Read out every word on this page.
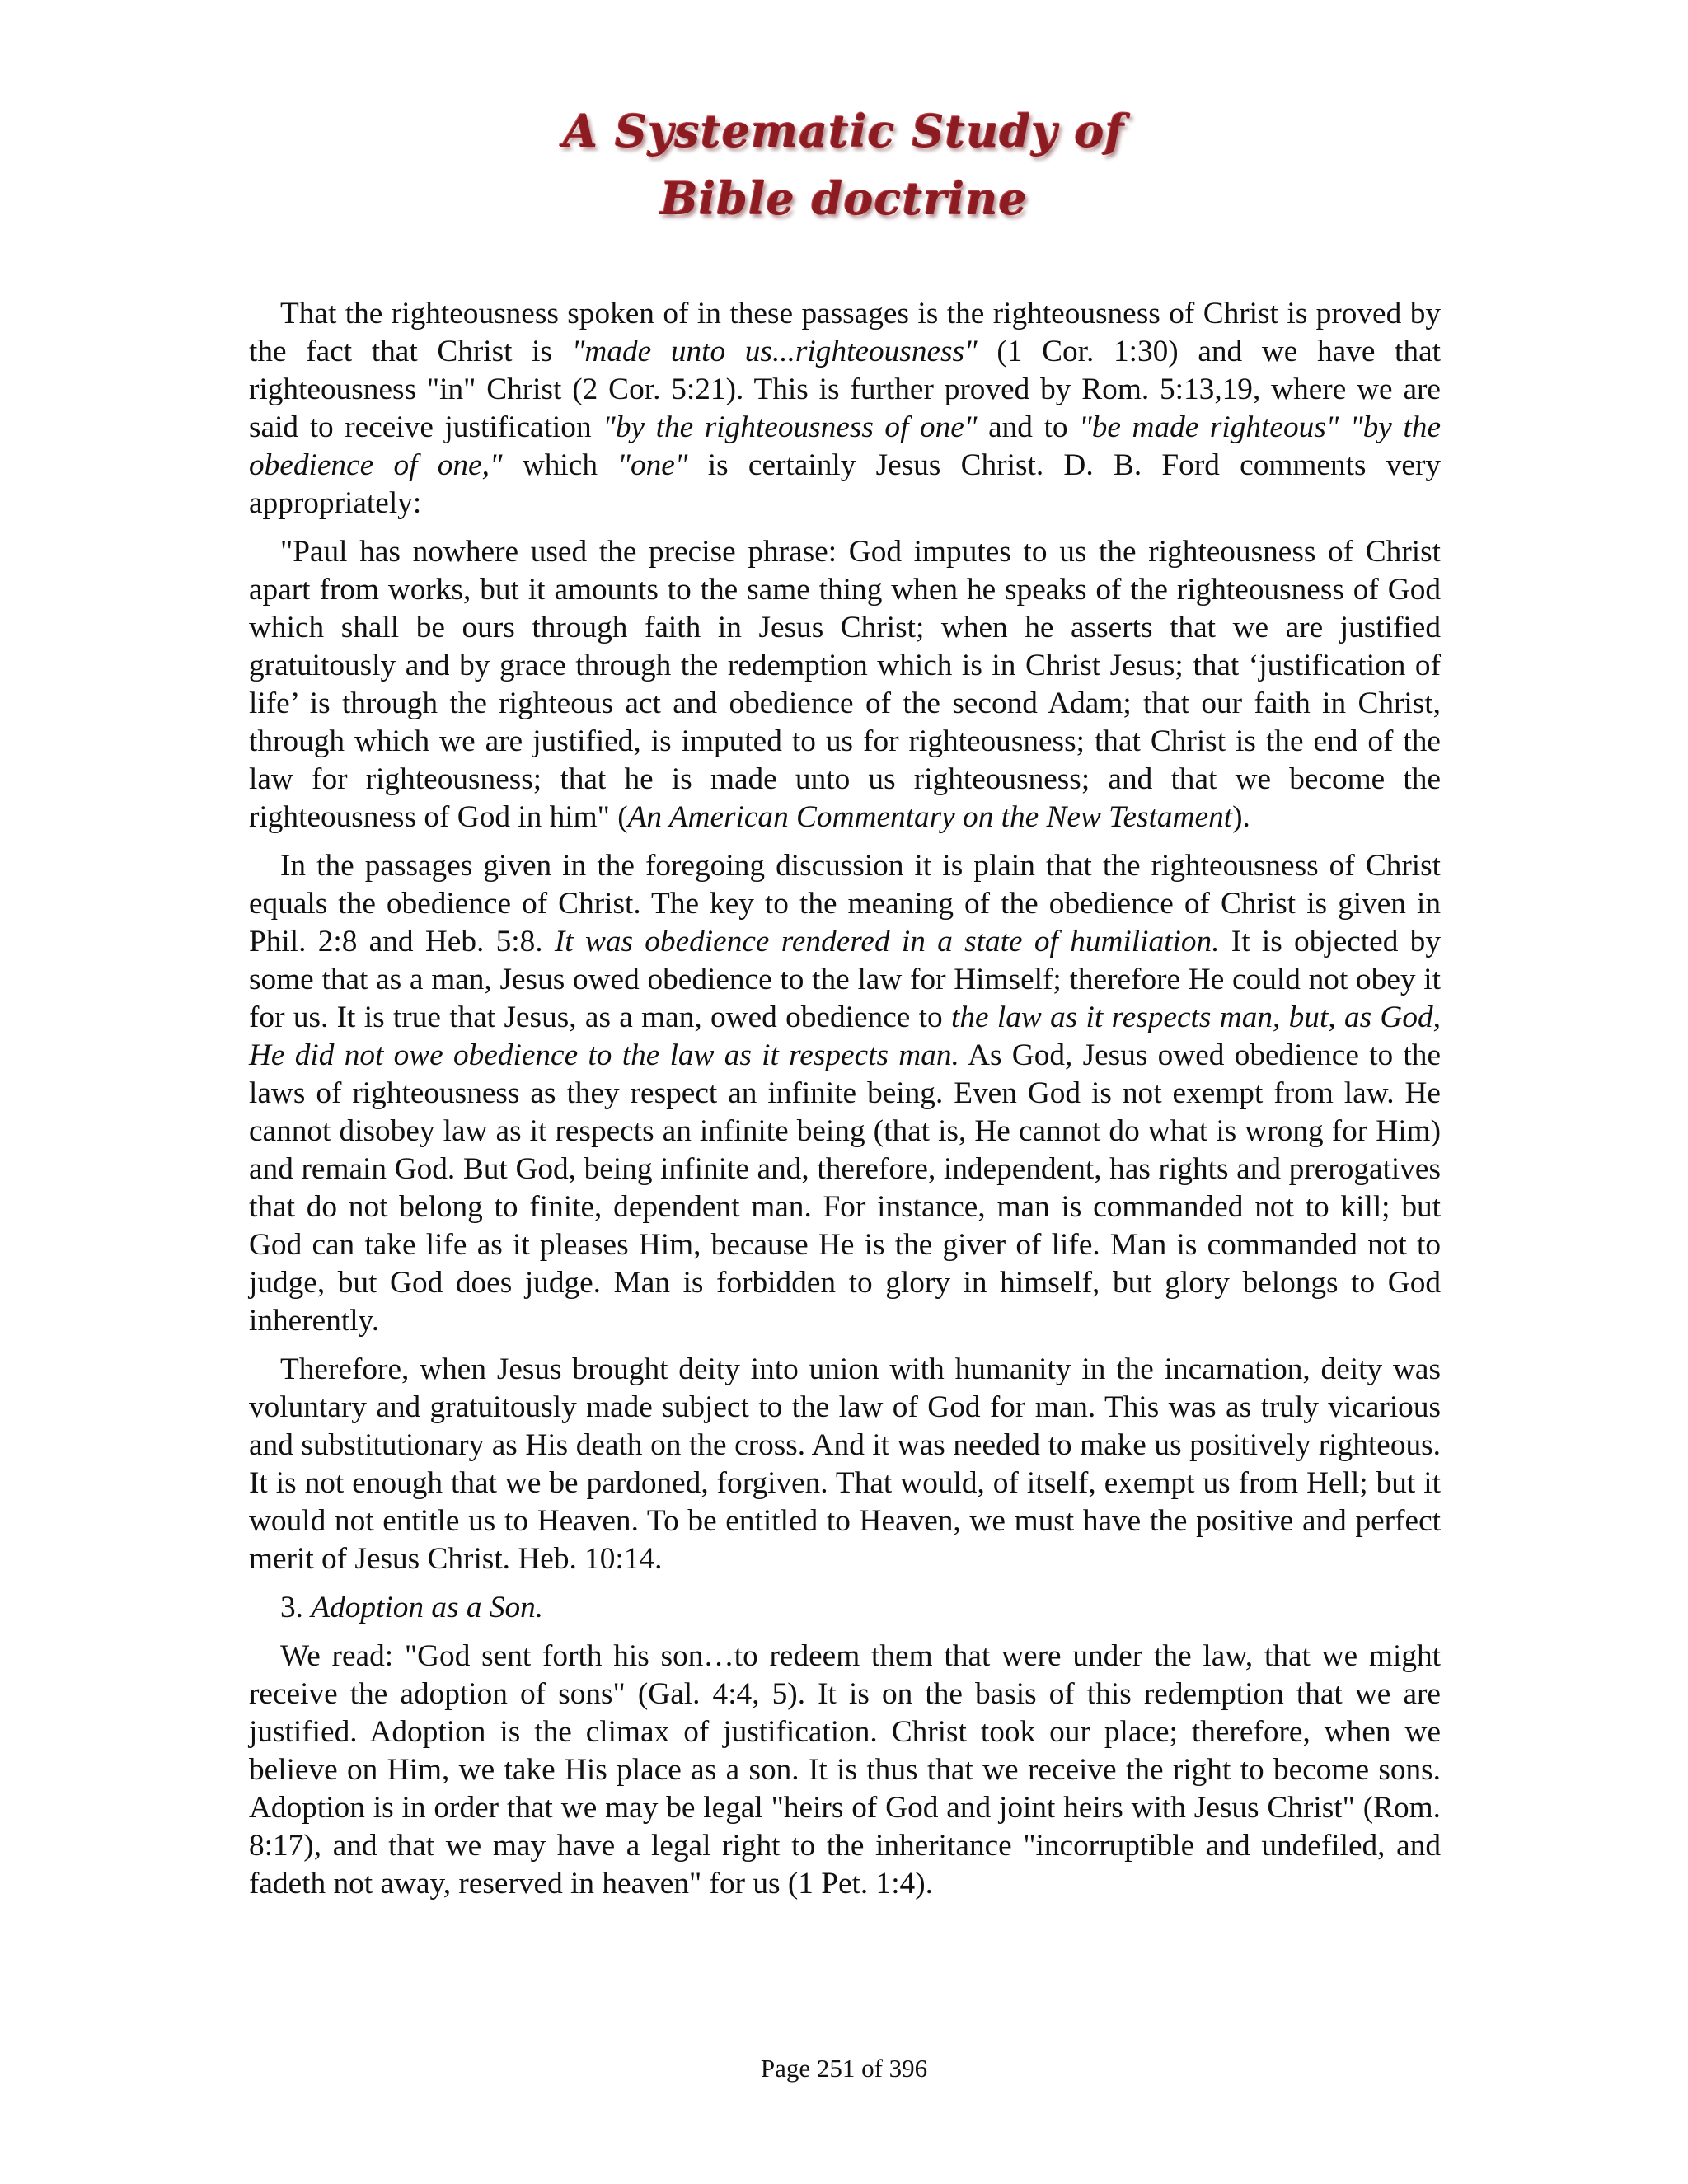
A Systematic Study of
Bible doctrine

That the righteousness spoken of in these passages is the righteousness of Christ is proved by the fact that Christ is "made unto us...righteousness" (1 Cor. 1:30) and we have that righteousness "in" Christ (2 Cor. 5:21). This is further proved by Rom. 5:13,19, where we are said to receive justification "by the righteousness of one" and to "be made righteous" "by the obedience of one," which "one" is certainly Jesus Christ. D. B. Ford comments very appropriately:

"Paul has nowhere used the precise phrase: God imputes to us the righteousness of Christ apart from works, but it amounts to the same thing when he speaks of the righteousness of God which shall be ours through faith in Jesus Christ; when he asserts that we are justified gratuitously and by grace through the redemption which is in Christ Jesus; that ‘justification of life’ is through the righteous act and obedience of the second Adam; that our faith in Christ, through which we are justified, is imputed to us for righteousness; that Christ is the end of the law for righteousness; that he is made unto us righteousness; and that we become the righteousness of God in him" (An American Commentary on the New Testament).

In the passages given in the foregoing discussion it is plain that the righteousness of Christ equals the obedience of Christ. The key to the meaning of the obedience of Christ is given in Phil. 2:8 and Heb. 5:8. It was obedience rendered in a state of humiliation. It is objected by some that as a man, Jesus owed obedience to the law for Himself; therefore He could not obey it for us. It is true that Jesus, as a man, owed obedience to the law as it respects man, but, as God, He did not owe obedience to the law as it respects man. As God, Jesus owed obedience to the laws of righteousness as they respect an infinite being. Even God is not exempt from law. He cannot disobey law as it respects an infinite being (that is, He cannot do what is wrong for Him) and remain God. But God, being infinite and, therefore, independent, has rights and prerogatives that do not belong to finite, dependent man. For instance, man is commanded not to kill; but God can take life as it pleases Him, because He is the giver of life. Man is commanded not to judge, but God does judge. Man is forbidden to glory in himself, but glory belongs to God inherently.

Therefore, when Jesus brought deity into union with humanity in the incarnation, deity was voluntary and gratuitously made subject to the law of God for man. This was as truly vicarious and substitutionary as His death on the cross. And it was needed to make us positively righteous. It is not enough that we be pardoned, forgiven. That would, of itself, exempt us from Hell; but it would not entitle us to Heaven. To be entitled to Heaven, we must have the positive and perfect merit of Jesus Christ. Heb. 10:14.

3. Adoption as a Son.

We read: "God sent forth his son…to redeem them that were under the law, that we might receive the adoption of sons" (Gal. 4:4, 5). It is on the basis of this redemption that we are justified. Adoption is the climax of justification. Christ took our place; therefore, when we believe on Him, we take His place as a son. It is thus that we receive the right to become sons. Adoption is in order that we may be legal "heirs of God and joint heirs with Jesus Christ" (Rom. 8:17), and that we may have a legal right to the inheritance "incorruptible and undefiled, and fadeth not away, reserved in heaven" for us (1 Pet. 1:4).

Page 251 of 396
